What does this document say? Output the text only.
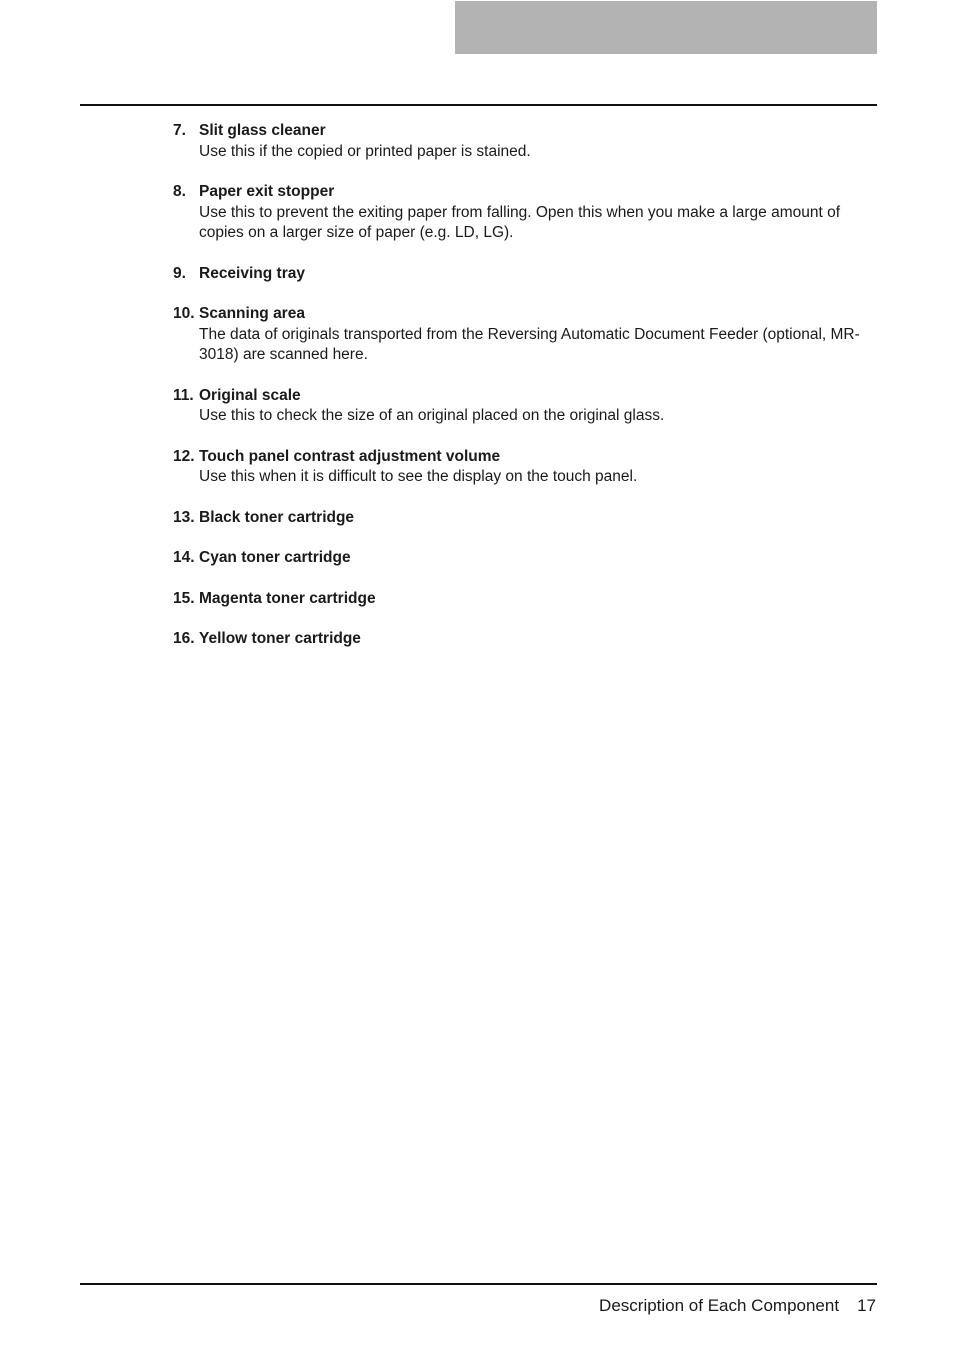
7. Slit glass cleaner
Use this if the copied or printed paper is stained.
8. Paper exit stopper
Use this to prevent the exiting paper from falling. Open this when you make a large amount of copies on a larger size of paper (e.g. LD, LG).
9. Receiving tray
10. Scanning area
The data of originals transported from the Reversing Automatic Document Feeder (optional, MR-3018) are scanned here.
11. Original scale
Use this to check the size of an original placed on the original glass.
12. Touch panel contrast adjustment volume
Use this when it is difficult to see the display on the touch panel.
13. Black toner cartridge
14. Cyan toner cartridge
15. Magenta toner cartridge
16. Yellow toner cartridge
Description of Each Component 17
